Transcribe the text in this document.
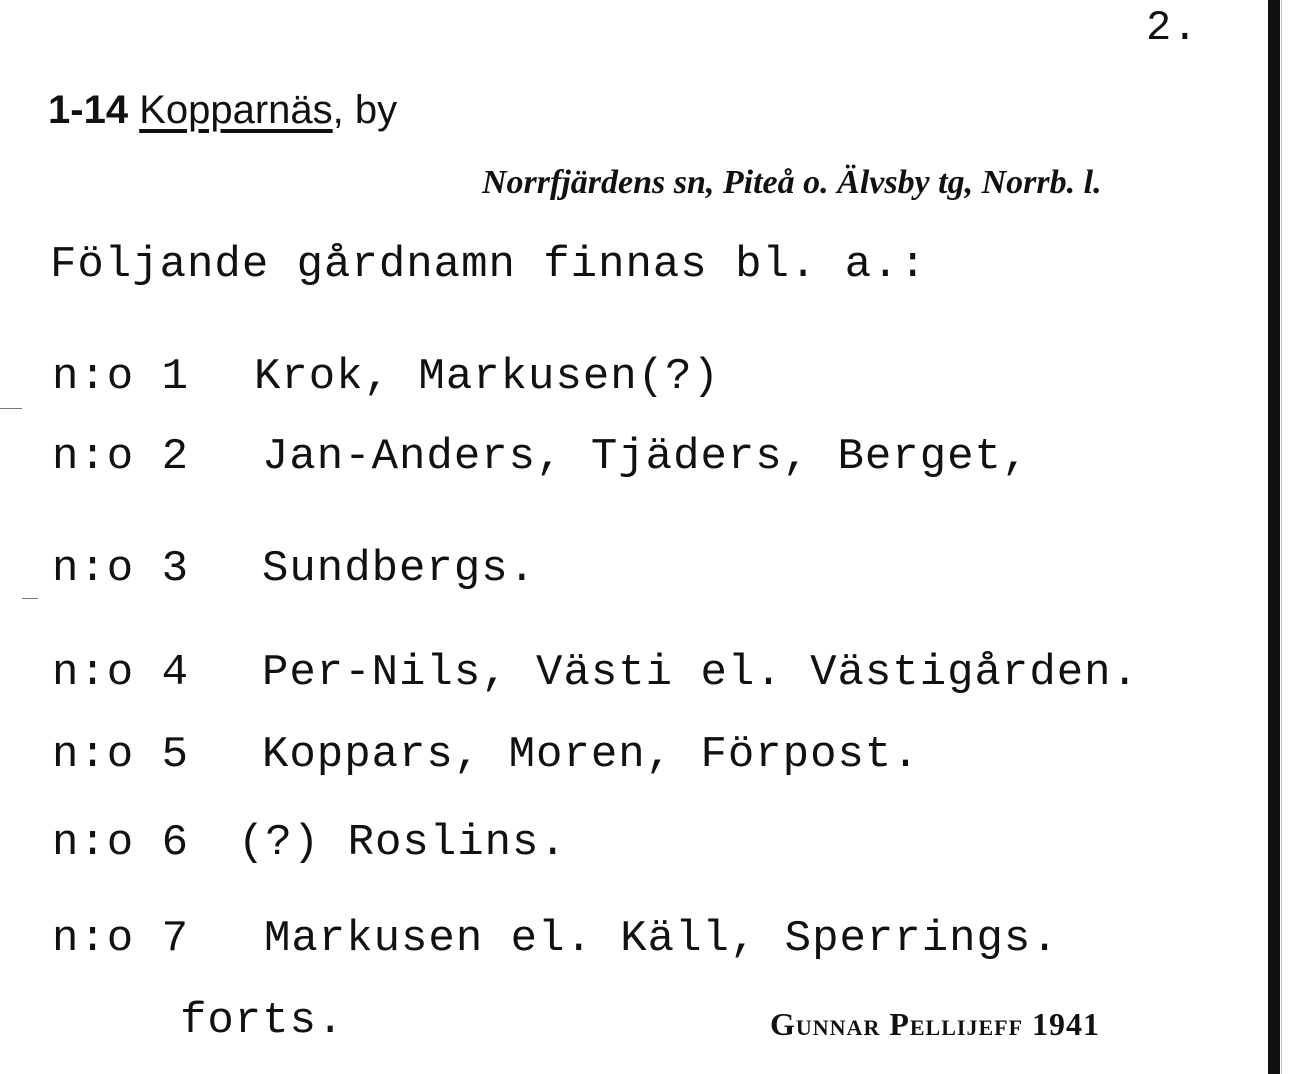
2.
1-14 Kopparnäs, by
Norrfjärdens sn, Piteå o. Älvsby tg, Norrb. l.
Följande gårdnamn finnas bl. a.:
n:o 1	Krok, Markusen(?)
n:o 2	Jan-Anders, Tjäders, Berget,
n:o 3	Sundbergs.
n:o 4	Per-Nils, Västi el. Västigården.
n:o 5	Koppars, Moren, Förpost.
n:o 6	(?) Roslins.
n:o 7	Markusen el. Käll, Sperrings.
forts.	Gunnar Pellijeff 1941
